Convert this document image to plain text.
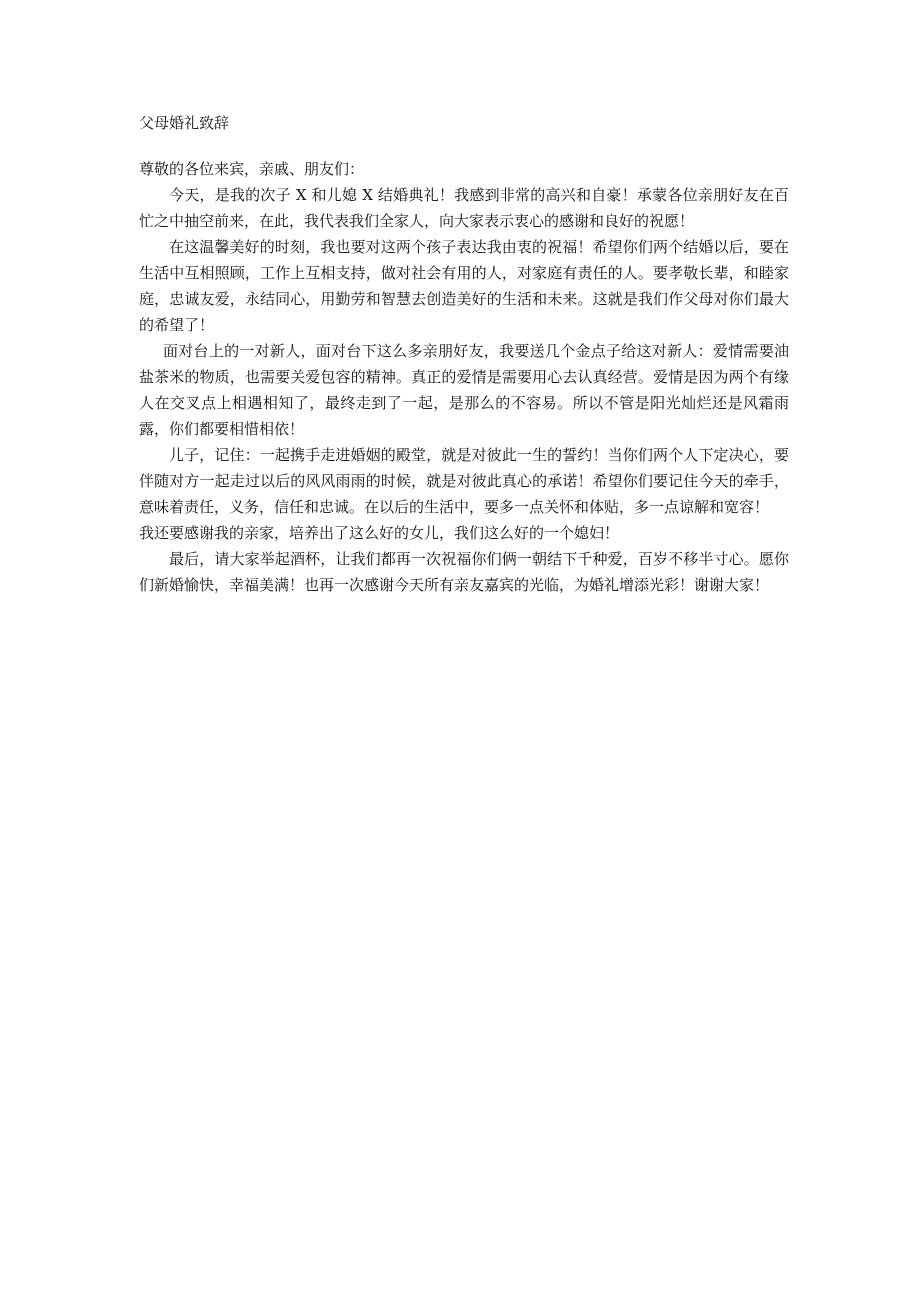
父母婚礼致辞

尊敬的各位来宾，亲戚、朋友们：

今天，是我的次子 X 和儿媳 X 结婚典礼！我感到非常的高兴和自豪！承蒙各位亲朋好友在百忙之中抽空前来，在此，我代表我们全家人，向大家表示衷心的感谢和良好的祝愿！

在这温馨美好的时刻，我也要对这两个孩子表达我由衷的祝福！希望你们两个结婚以后，要在生活中互相照顾，工作上互相支持，做对社会有用的人，对家庭有责任的人。要孝敬长辈，和睦家庭，忠诚友爱，永结同心，用勤劳和智慧去创造美好的生活和未来。这就是我们作父母对你们最大的希望了！

面对台上的一对新人，面对台下这么多亲朋好友，我要送几个金点子给这对新人：爱情需要油盐茶米的物质，也需要关爱包容的精神。真正的爱情是需要用心去认真经营。爱情是因为两个有缘人在交叉点上相遇相知了，最终走到了一起，是那么的不容易。所以不管是阳光灿烂还是风霜雨露，你们都要相惜相依！

儿子，记住：一起携手走进婚姻的殿堂，就是对彼此一生的誓约！当你们两个人下定决心，要伴随对方一起走过以后的风风雨雨的时候，就是对彼此真心的承诺！希望你们要记住今天的牵手，意味着责任，义务，信任和忠诚。在以后的生活中，要多一点关怀和体贴，多一点谅解和宽容！

我还要感谢我的亲家，培养出了这么好的女儿，我们这么好的一个媳妇！

最后，请大家举起酒杯，让我们都再一次祝福你们俩一朝结下千种爱，百岁不移半寸心。愿你们新婚愉快，幸福美满！也再一次感谢今天所有亲友嘉宾的光临，为婚礼增添光彩！谢谢大家！
